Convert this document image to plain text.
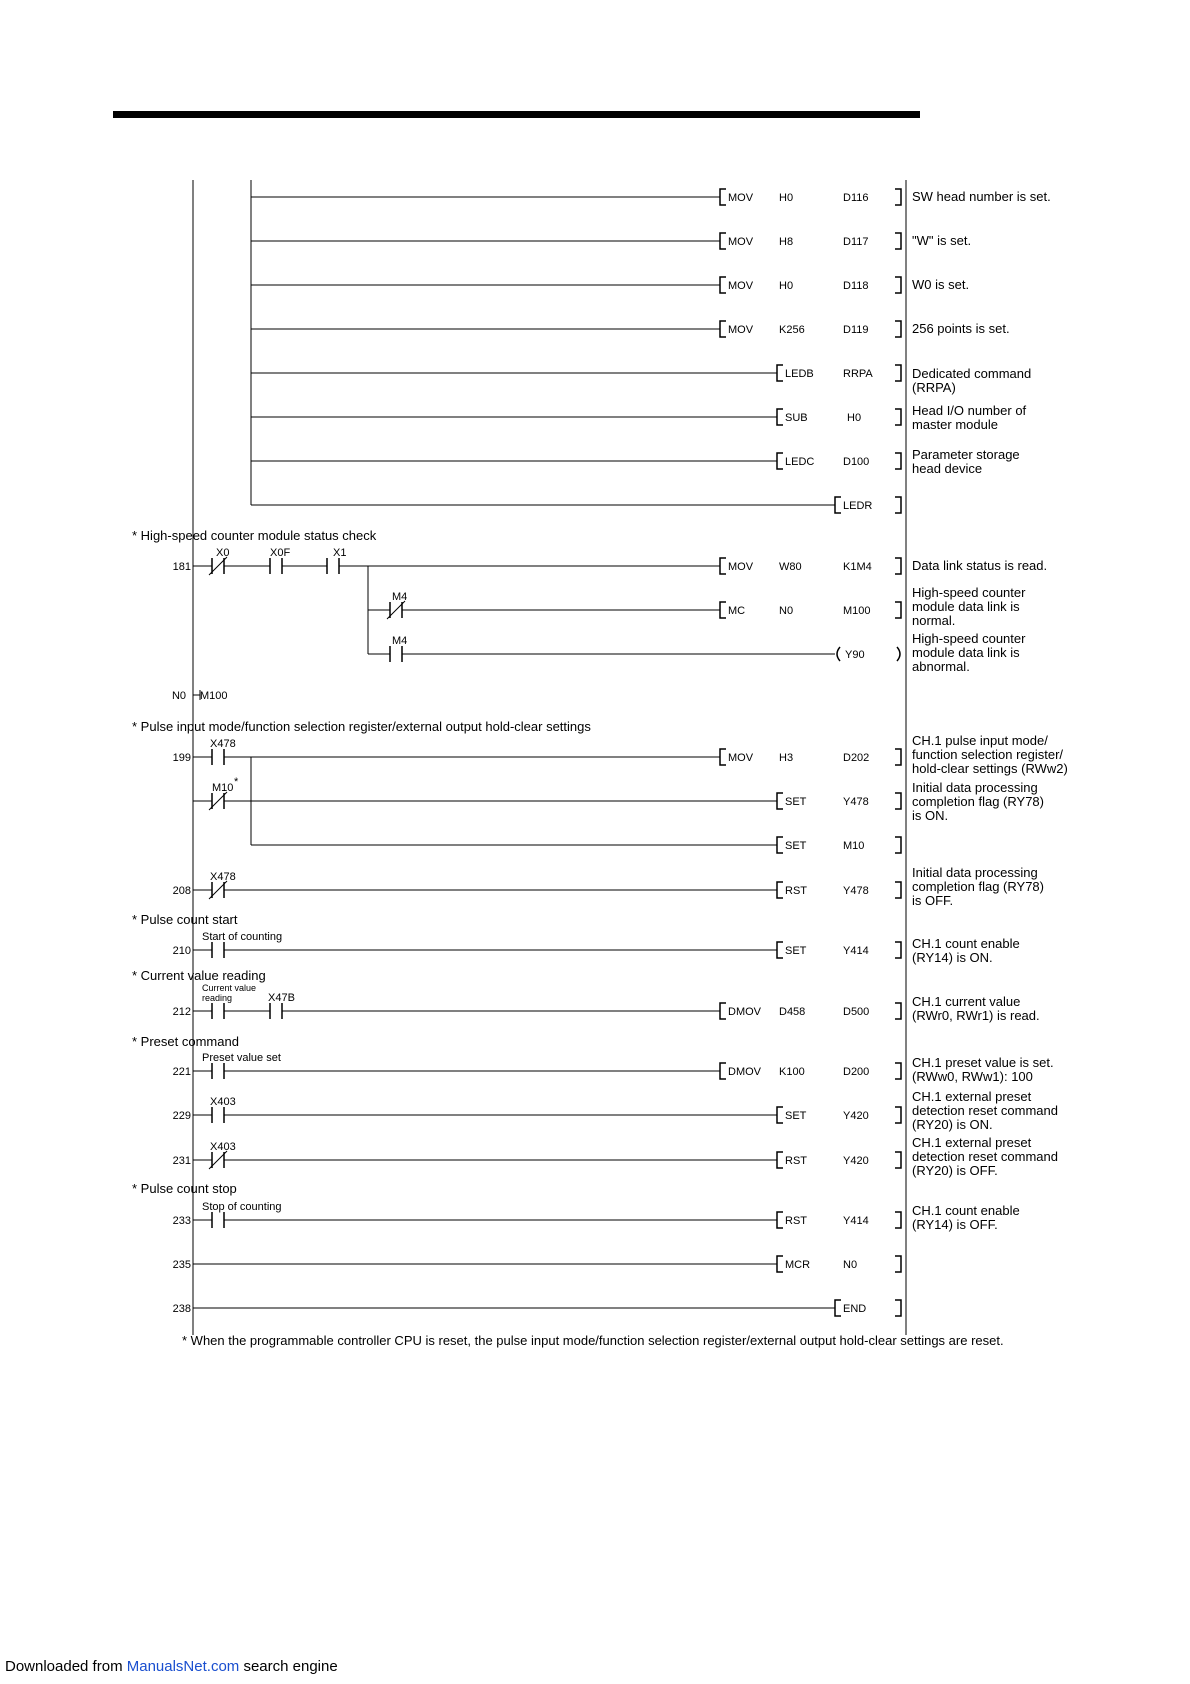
MOV H0	D116
MOV H8	D117
MOV H0	D118
MOV K256	D119
LEDB	RRPA
SUB	H0
LEDC	D100
LEDR
MOV W80	K1M4
MC	N0	M100
Y90
MOV H3	D202
SET	Y478
SET	M10
RST	Y478
SET	Y414
DMOV D458	D500
DMOV K100	D200
SET	Y420
RST	Y420
RST	Y414
MCR	N0
END
SW head number is set.
"W" is set.
W0 is set.
256 points is set.
Dedicated command
(RRPA)
Head I/O number of
master module
Parameter storage
head device
Data link status is read.
High-speed counter
module data link is
normal.
High-speed counter
module data link is
abnormal.
CH.1 pulse input mode/
function selection register/
hold-clear settings (RWw2)
Initial data processing
completion flag (RY78)
is ON.
Initial data processing
completion flag (RY78)
is OFF.
CH.1 count enable
(RY14) is ON.
CH.1 current value
(RWr0, RWr1) is read.
CH.1 preset value is set.
(RWw0, RWw1): 100
CH.1 external preset
detection reset command
(RY20) is ON.
CH.1 external preset
detection reset command
(RY20) is OFF.
CH.1 count enable
(RY14) is OFF.
* High-speed counter module status check
* Pulse input mode/function selection register/external output hold-clear settings
* Pulse count start
* Current value reading
* Preset command
* Pulse count stop
X0	X0F	X1
M4
M4
X478
M10 *
X478
X47B
X403
X403
Start of counting
Preset value set
Stop of counting
Current value
reading
181
199
208
210
212
221
229
231
233
235
238
N0 M100
* When the programmable controller CPU is reset, the pulse input mode/function selection register/external output hold-clear settings are reset.
Downloaded from ManualsNet.com search engine
